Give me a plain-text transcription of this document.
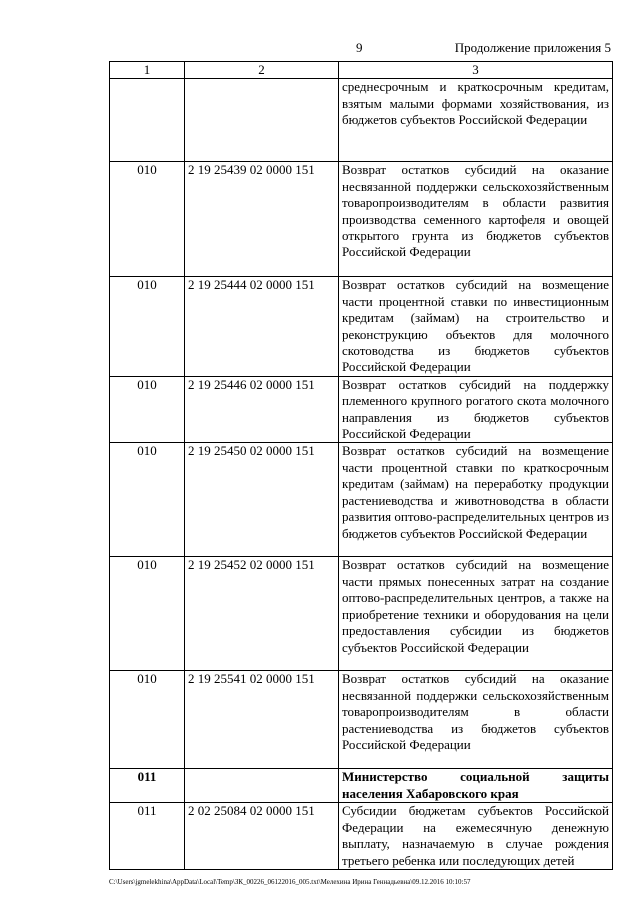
9	Продолжение приложения 5
1	2	3
		среднесрочным и краткосрочным кредитам, взятым малыми формами хозяйствования, из бюджетов субъектов Российской Федерации
010	2 19 25439 02 0000 151	Возврат остатков субсидий на оказание несвязанной поддержки сельскохозяйственным товаропроизводителям в области развития производства семенного картофеля и овощей открытого грунта из бюджетов субъектов Российской Федерации
010	2 19 25444 02 0000 151	Возврат остатков субсидий на возмещение части процентной ставки по инвестиционным кредитам (займам) на строительство и реконструкцию объектов для молочного скотоводства из бюджетов субъектов Российской Федерации
010	2 19 25446 02 0000 151	Возврат остатков субсидий на поддержку племенного крупного рогатого скота молочного направления из бюджетов субъектов Российской Федерации
010	2 19 25450 02 0000 151	Возврат остатков субсидий на возмещение части процентной ставки по краткосрочным кредитам (займам) на переработку продукции растениеводства и животноводства в области развития оптово-распределительных центров из бюджетов субъектов Российской Федерации
010	2 19 25452 02 0000 151	Возврат остатков субсидий на возмещение части прямых понесенных затрат на создание оптово-распределительных центров, а также на приобретение техники и оборудования на цели предоставления субсидии из бюджетов субъектов Российской Федерации
010	2 19 25541 02 0000 151	Возврат остатков субсидий на оказание несвязанной поддержки сельскохозяйственным товаропроизводителям в области растениеводства из бюджетов субъектов Российской Федерации
011		Министерство социальной защиты населения Хабаровского края
011	2 02 25084 02 0000 151	Субсидии бюджетам субъектов Российской Федерации на ежемесячную денежную выплату, назначаемую в случае рождения третьего ребенка или последующих детей
C:\Users\jgmelekhina\AppData\Local\Temp\ЗК_00226_06122016_005.txt\Мелехина Ирина Геннадьевна\09.12.2016 10:10:57
